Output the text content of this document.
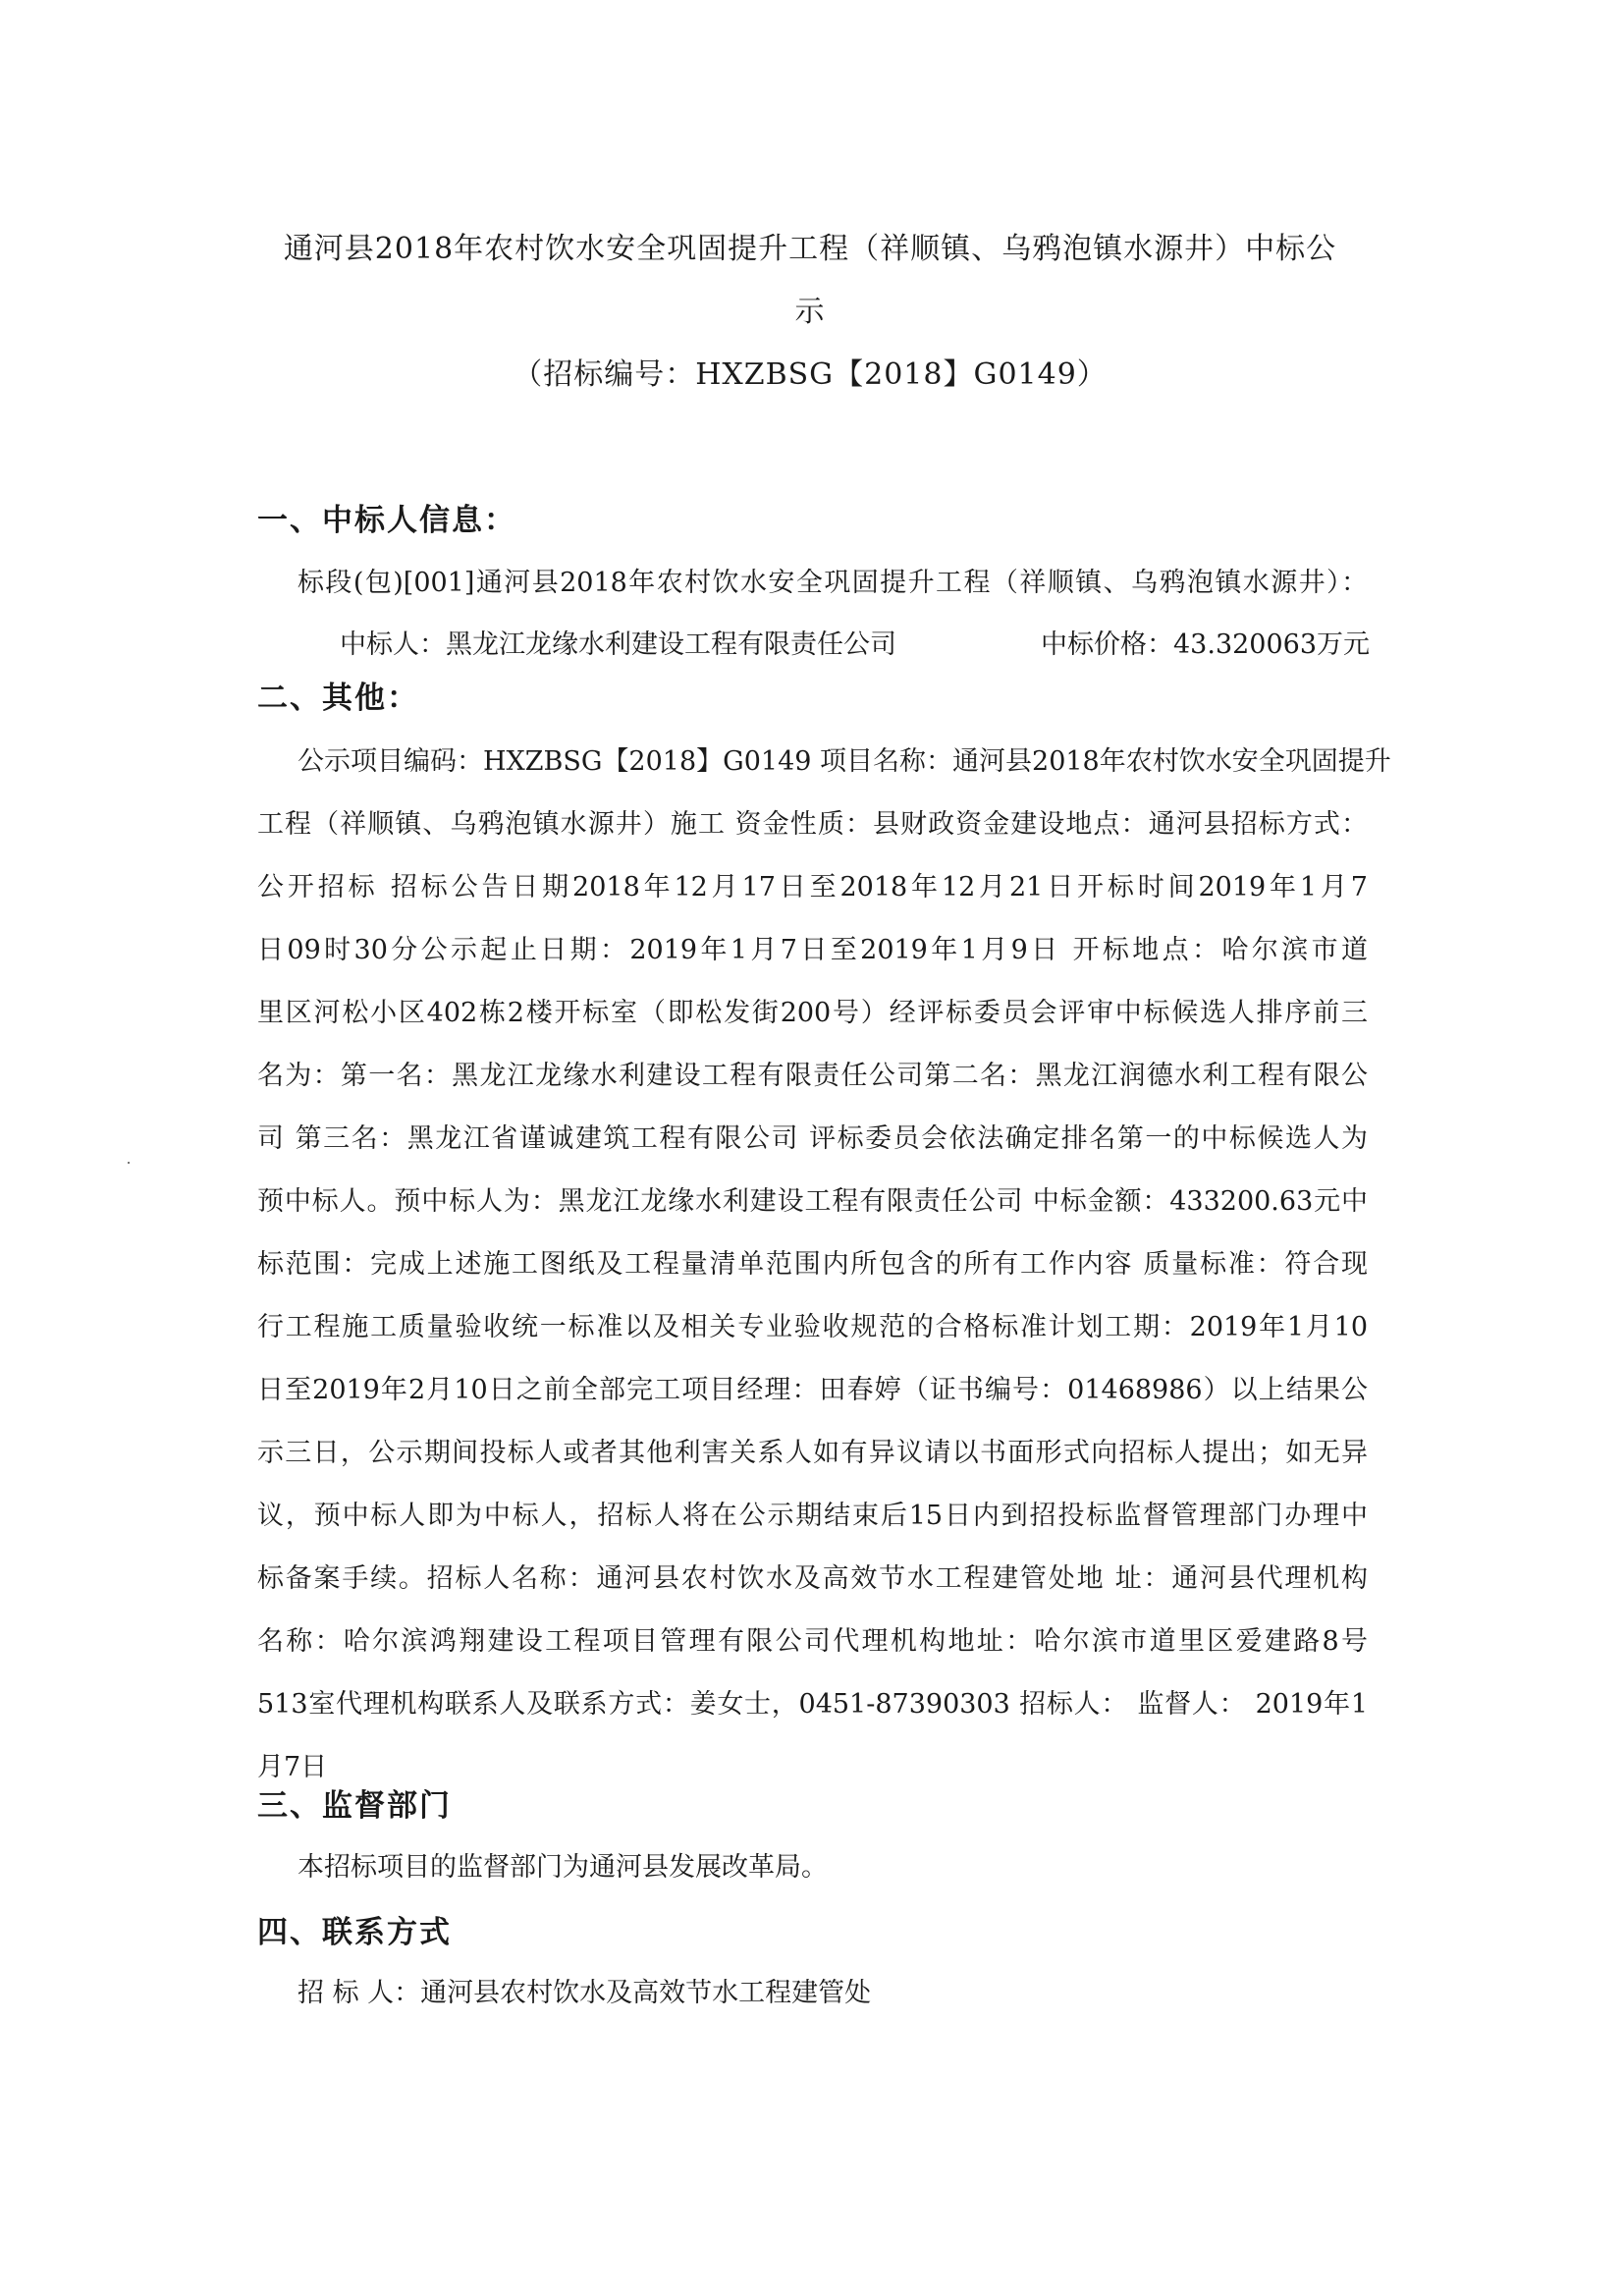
通河县2018年农村饮水安全巩固提升工程（祥顺镇、乌鸦泡镇水源井）中标公
示
（招标编号：HXZBSG【2018】G0149）
一、中标人信息：
标段(包)[001]通河县2018年农村饮水安全巩固提升工程（祥顺镇、乌鸦泡镇水源井）：
中标人：黑龙江龙缘水利建设工程有限责任公司	中标价格：43.320063万元
二、其他：
公示项目编码：HXZBSG【2018】G0149 项目名称：通河县2018年农村饮水安全巩固提升
工程（祥顺镇、乌鸦泡镇水源井）施工 资金性质：县财政资金建设地点：通河县招标方式：
公开招标 招标公告日期2018年12月17日至2018年12月21日开标时间2019年1月7
日09时30分公示起止日期：2019年1月7日至2019年1月9日 开标地点：哈尔滨市道
里区河松小区402栋2楼开标室（即松发街200号）经评标委员会评审中标候选人排序前三
名为：第一名：黑龙江龙缘水利建设工程有限责任公司第二名：黑龙江润德水利工程有限公
司 第三名：黑龙江省谨诚建筑工程有限公司 评标委员会依法确定排名第一的中标候选人为
预中标人。预中标人为：黑龙江龙缘水利建设工程有限责任公司 中标金额：433200.63元中
标范围：完成上述施工图纸及工程量清单范围内所包含的所有工作内容 质量标准：符合现
行工程施工质量验收统一标准以及相关专业验收规范的合格标准计划工期：2019年1月10
日至2019年2月10日之前全部完工项目经理：田春婷（证书编号：01468986）以上结果公
示三日，公示期间投标人或者其他利害关系人如有异议请以书面形式向招标人提出；如无异
议，预中标人即为中标人，招标人将在公示期结束后15日内到招投标监督管理部门办理中
标备案手续。招标人名称：通河县农村饮水及高效节水工程建管处地 址：通河县代理机构
名称：哈尔滨鸿翔建设工程项目管理有限公司代理机构地址：哈尔滨市道里区爱建路8号
513室代理机构联系人及联系方式：姜女士，0451-87390303 招标人： 监督人： 2019年1
月7日
三、监督部门
本招标项目的监督部门为通河县发展改革局。
四、联系方式
招 标 人：通河县农村饮水及高效节水工程建管处
